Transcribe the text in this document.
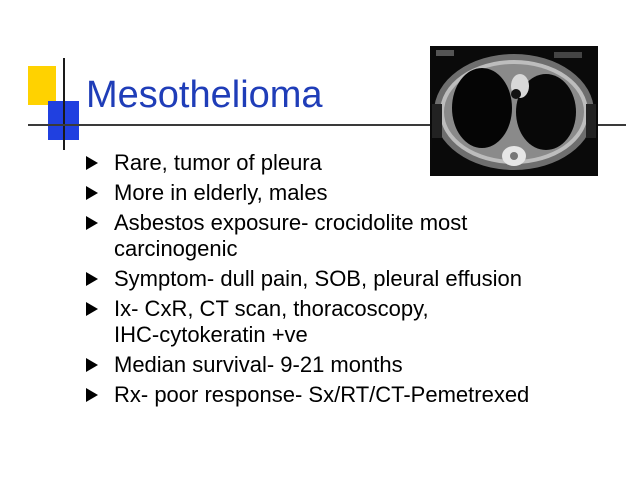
Mesothelioma
Rare, tumor of pleura
More in elderly, males
Asbestos exposure- crocidolite most
carcinogenic
Symptom- dull pain, SOB, pleural effusion
Ix- CxR, CT scan, thoracoscopy,
IHC-cytokeratin +ve
Median survival- 9-21 months
Rx- poor response- Sx/RT/CT-Pemetrexed
